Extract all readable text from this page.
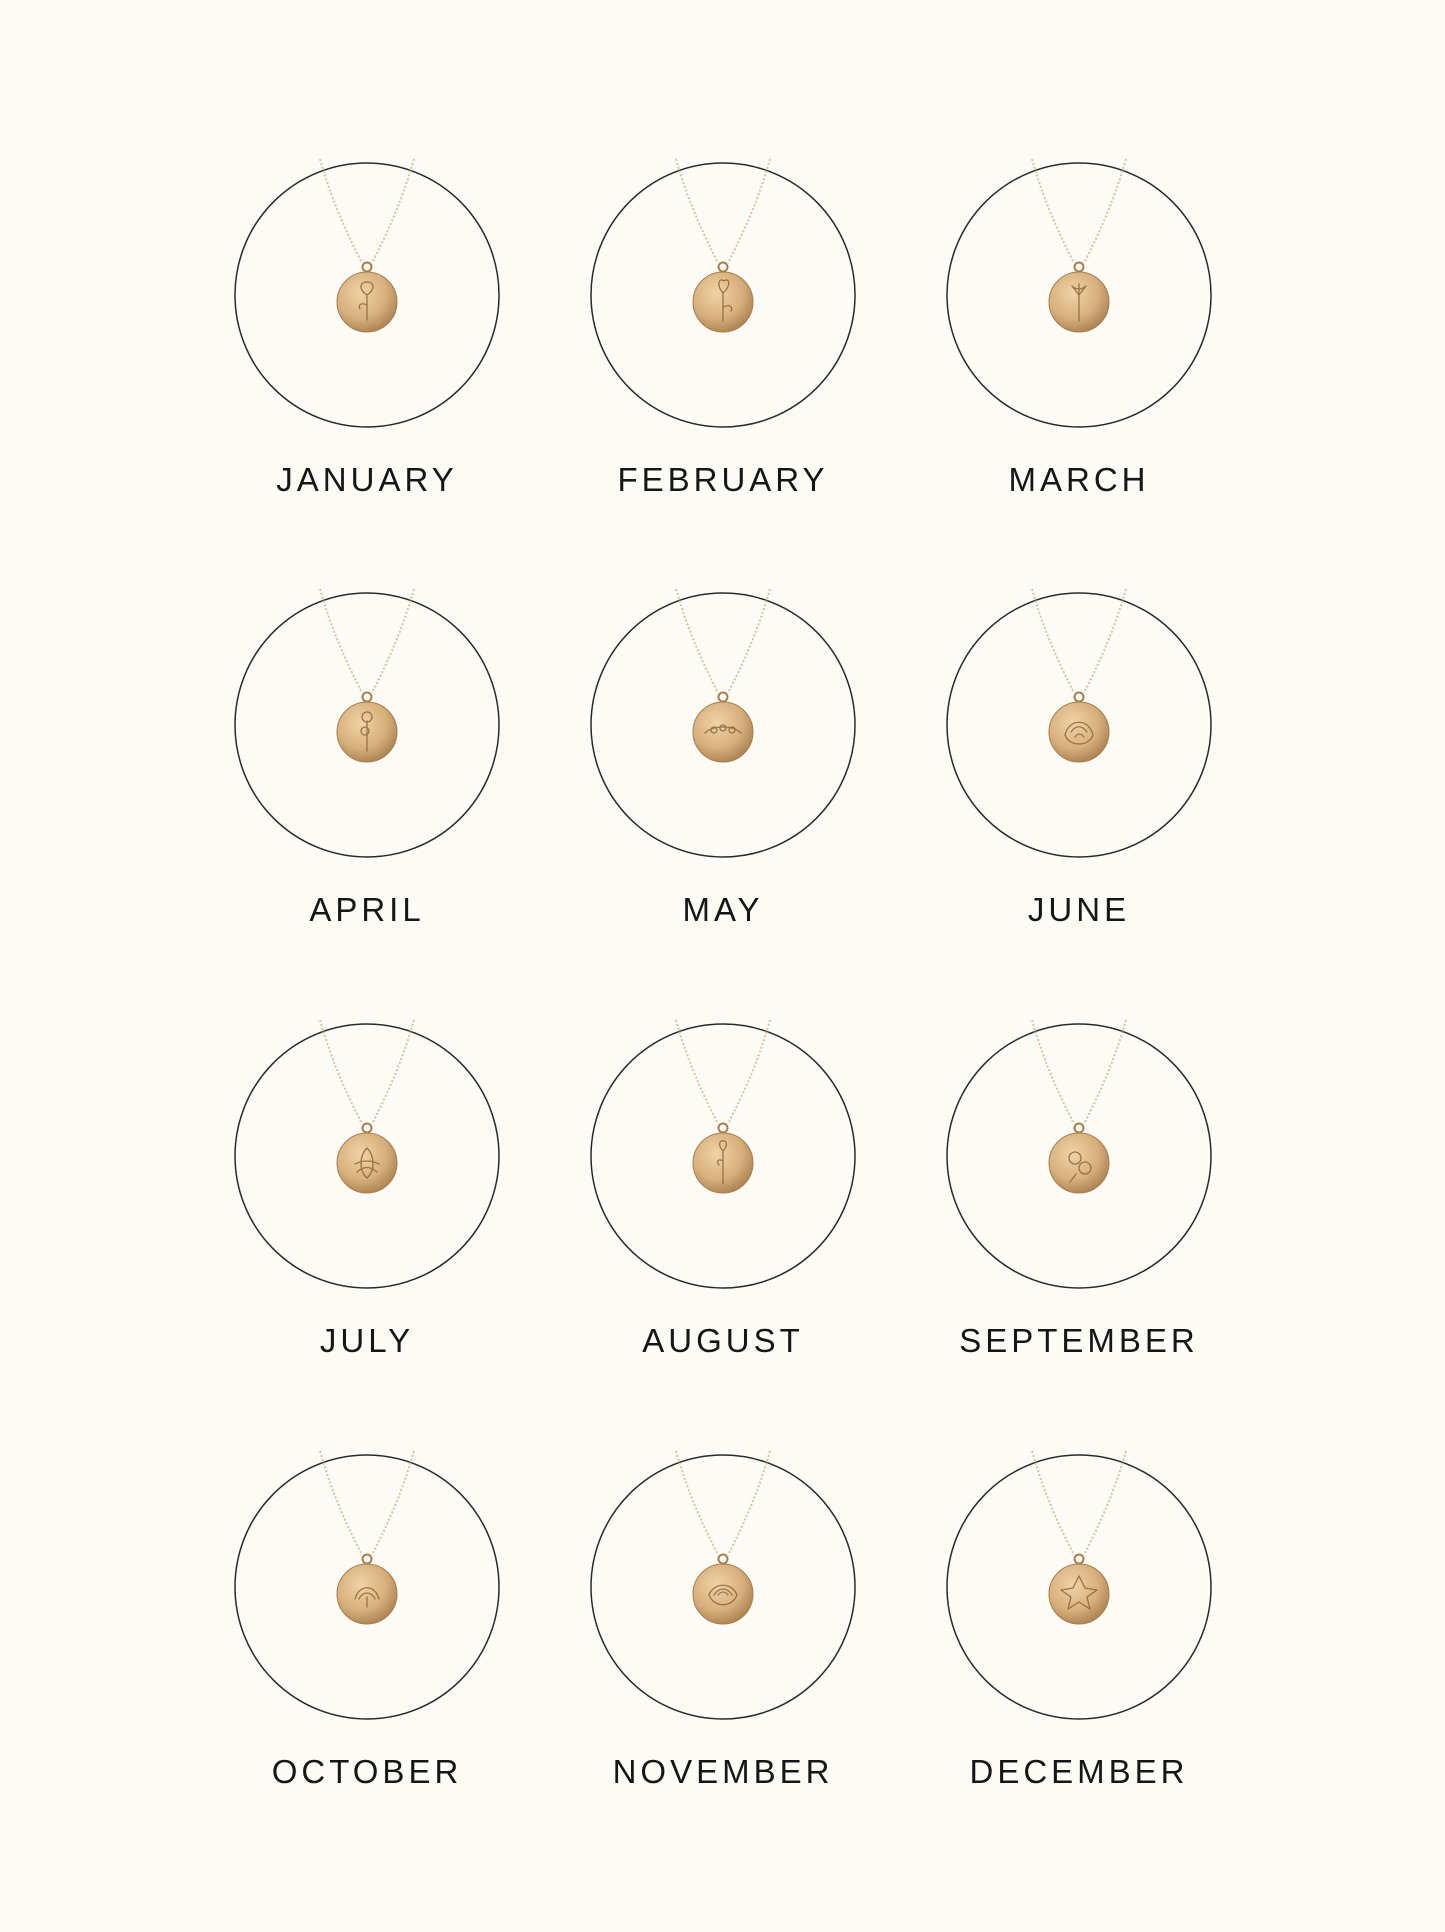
JANUARY	FEBRUARY	MARCH
APRIL	MAY	JUNE
JULY	AUGUST	SEPTEMBER
OCTOBER	NOVEMBER	DECEMBER
